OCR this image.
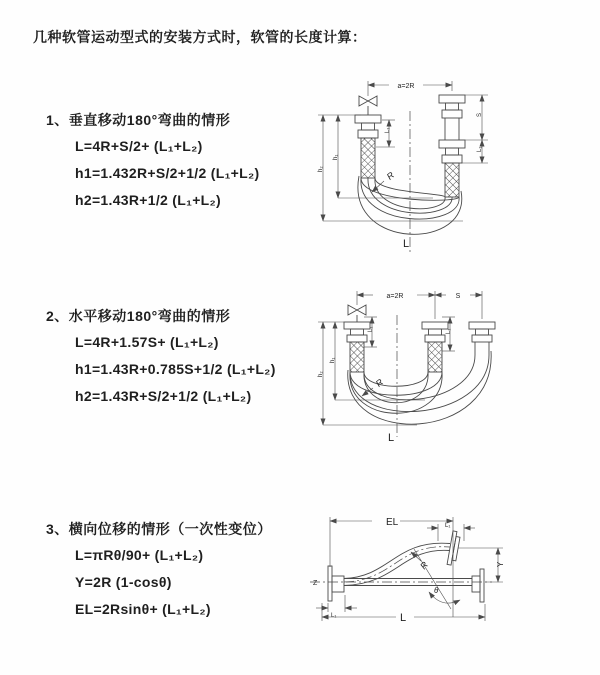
几种软管运动型式的安装方式时，软管的长度计算：
1、垂直移动180°弯曲的情形
L=4R+S/2+ (L₁+L₂)
h1=1.432R+S/2+1/2 (L₁+L₂)
h2=1.43R+1/2 (L₁+L₂)
2、水平移动180°弯曲的情形
L=4R+1.57S+ (L₁+L₂)
h1=1.43R+0.785S+1/2 (L₁+L₂)
h2=1.43R+S/2+1/2 (L₁+L₂)
3、横向位移的情形（一次性变位）
L=πRθ/90+ (L₁+L₂)
Y=2R (1-cosθ)
EL=2Rsinθ+ (L₁+L₂)
a=2R
h₁
h₂
S
L₁
L₁
R
L
a=2R	S
L₁	L₁
h₁
h₂
R
L
EL	L₁
Z
Y
θ
R
L
L₁
